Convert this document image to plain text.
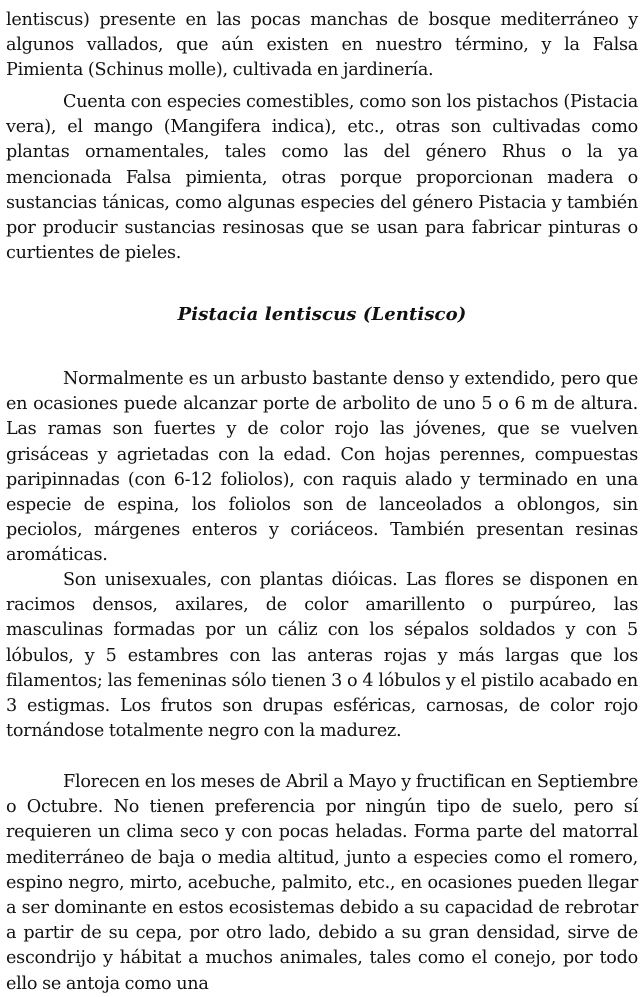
lentiscus) presente en las pocas manchas de bosque mediterráneo y algunos vallados, que aún existen en nuestro término, y la Falsa Pimienta (Schinus molle), cultivada en jardinería.

Cuenta con especies comestibles, como son los pistachos (Pistacia vera), el mango (Mangifera indica), etc., otras son cultivadas como plantas ornamentales, tales como las del género Rhus o la ya mencionada Falsa pimienta, otras porque proporcionan madera o sustancias tánicas, como algunas especies del género Pistacia y también por producir sustancias resinosas que se usan para fabricar pinturas o curtientes de pieles.

Pistacia lentiscus (Lentisco)

Normalmente es un arbusto bastante denso y extendido, pero que en ocasiones puede alcanzar porte de arbolito de uno 5 o 6 m de altura. Las ramas son fuertes y de color rojo las jóvenes, que se vuelven grisáceas y agrietadas con la edad. Con hojas perennes, compuestas paripinnadas (con 6-12 foliolos), con raquis alado y terminado en una especie de espina, los foliolos son de lanceolados a oblongos, sin peciolos, márgenes enteros y coriáceos. También presentan resinas aromáticas.

Son unisexuales, con plantas dióicas. Las flores se disponen en racimos densos, axilares, de color amarillento o purpúreo, las masculinas formadas por un cáliz con los sépalos soldados y con 5 lóbulos, y 5 estambres con las anteras rojas y más largas que los filamentos; las femeninas sólo tienen 3 o 4 lóbulos y el pistilo acabado en 3 estigmas. Los frutos son drupas esféricas, carnosas, de color rojo tornándose totalmente negro con la madurez.

Florecen en los meses de Abril a Mayo y fructifican en Septiembre o Octubre. No tienen preferencia por ningún tipo de suelo, pero sí requieren un clima seco y con pocas heladas. Forma parte del matorral mediterráneo de baja o media altitud, junto a especies como el romero, espino negro, mirto, acebuche, palmito, etc., en ocasiones pueden llegar a ser dominante en estos ecosistemas debido a su capacidad de rebrotar a partir de su cepa, por otro lado, debido a su gran densidad, sirve de escondrijo y hábitat a muchos animales, tales como el conejo, por todo ello se antoja como una
